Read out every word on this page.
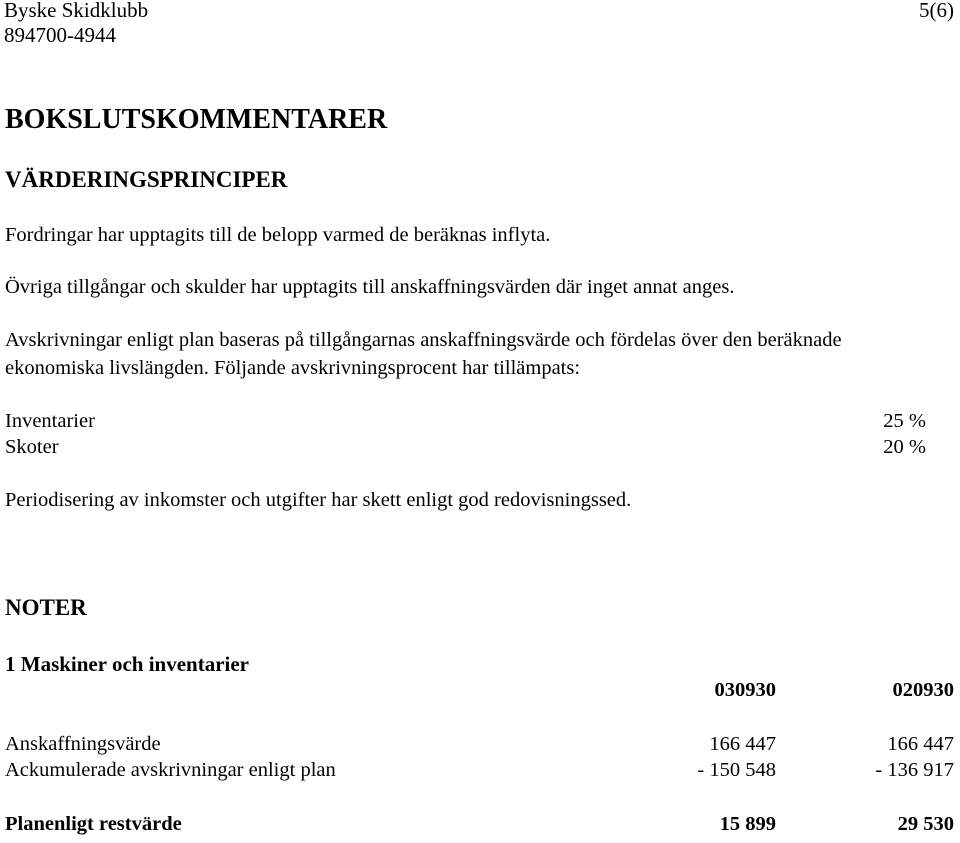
Byske Skidklubb
894700-4944
5(6)
BOKSLUTSKOMMENTARER
VÄRDERINGSPRINCIPER
Fordringar har upptagits till de belopp varmed de beräknas inflyta.
Övriga tillgångar och skulder har upptagits till anskaffningsvärden där inget annat anges.
Avskrivningar enligt plan baseras på tillgångarnas anskaffningsvärde och fördelas över den beräknade
ekonomiska livslängden. Följande avskrivningsprocent har tillämpats:
Inventarier	25 %
Skoter	20 %
Periodisering av inkomster och utgifter har skett enligt god redovisningssed.
NOTER
1 Maskiner och inventarier
030930	020930
Anskaffningsvärde	166 447	166 447
Ackumulerade avskrivningar enligt plan	- 150 548	- 136 917
Planenligt restvärde	15 899	29 530
